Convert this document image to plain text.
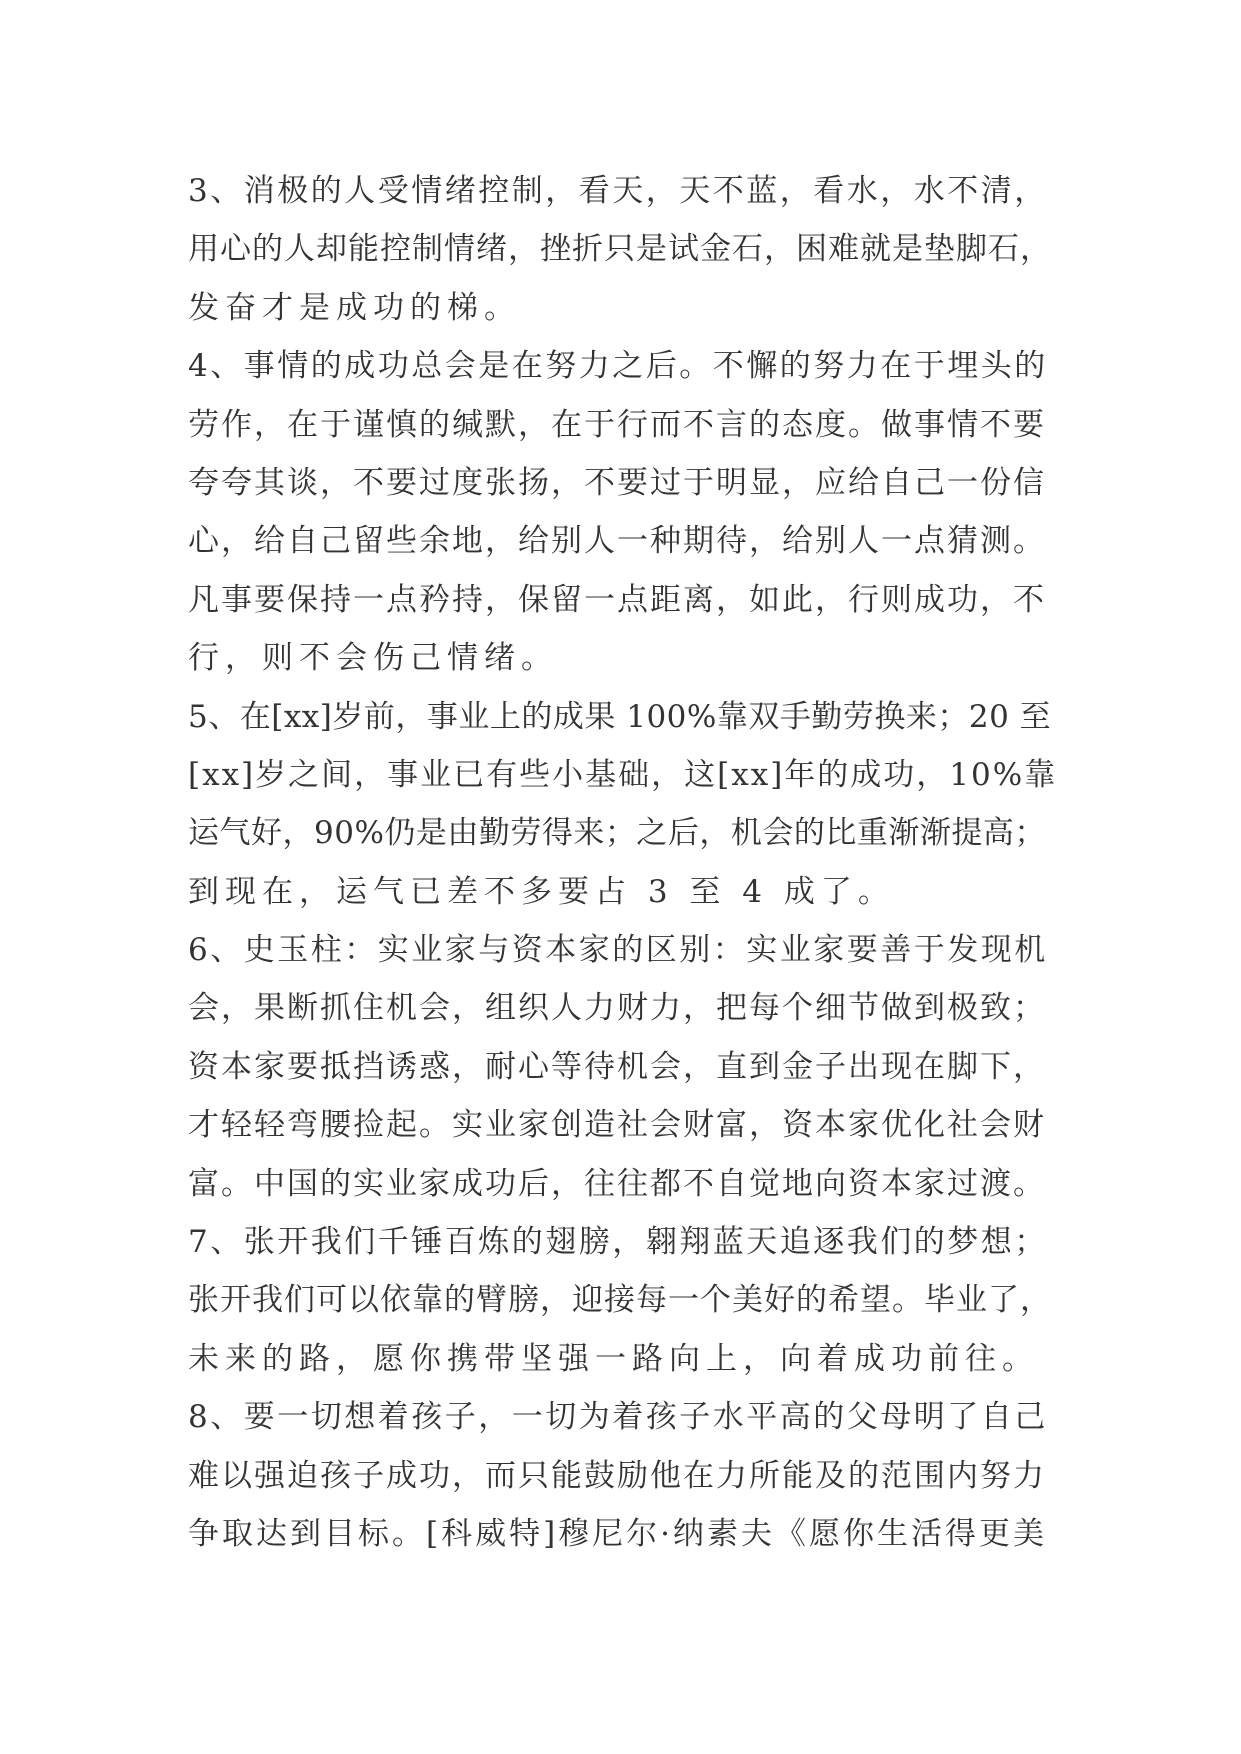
3、消极的人受情绪控制，看天，天不蓝，看水，水不清，
用心的人却能控制情绪，挫折只是试金石，困难就是垫脚石，
发奋才是成功的梯。
4、事情的成功总会是在努力之后。不懈的努力在于埋头的
劳作，在于谨慎的缄默，在于行而不言的态度。做事情不要
夸夸其谈，不要过度张扬，不要过于明显，应给自己一份信
心，给自己留些余地，给别人一种期待，给别人一点猜测。
凡事要保持一点矜持，保留一点距离，如此，行则成功，不
行，则不会伤己情绪。
5、在[xx]岁前，事业上的成果 100%靠双手勤劳换来；20 至
[xx]岁之间，事业已有些小基础，这[xx]年的成功，10%靠
运气好，90%仍是由勤劳得来；之后，机会的比重渐渐提高；
到现在，运气已差不多要占 3 至 4 成了。
6、史玉柱：实业家与资本家的区别：实业家要善于发现机
会，果断抓住机会，组织人力财力，把每个细节做到极致；
资本家要抵挡诱惑，耐心等待机会，直到金子出现在脚下，
才轻轻弯腰捡起。实业家创造社会财富，资本家优化社会财
富。中国的实业家成功后，往往都不自觉地向资本家过渡。
7、张开我们千锤百炼的翅膀，翱翔蓝天追逐我们的梦想；
张开我们可以依靠的臂膀，迎接每一个美好的希望。毕业了，
未来的路，愿你携带坚强一路向上，向着成功前往。
8、要一切想着孩子，一切为着孩子水平高的父母明了自己
难以强迫孩子成功，而只能鼓励他在力所能及的范围内努力
争取达到目标。[科威特]穆尼尔·纳素夫《愿你生活得更美
